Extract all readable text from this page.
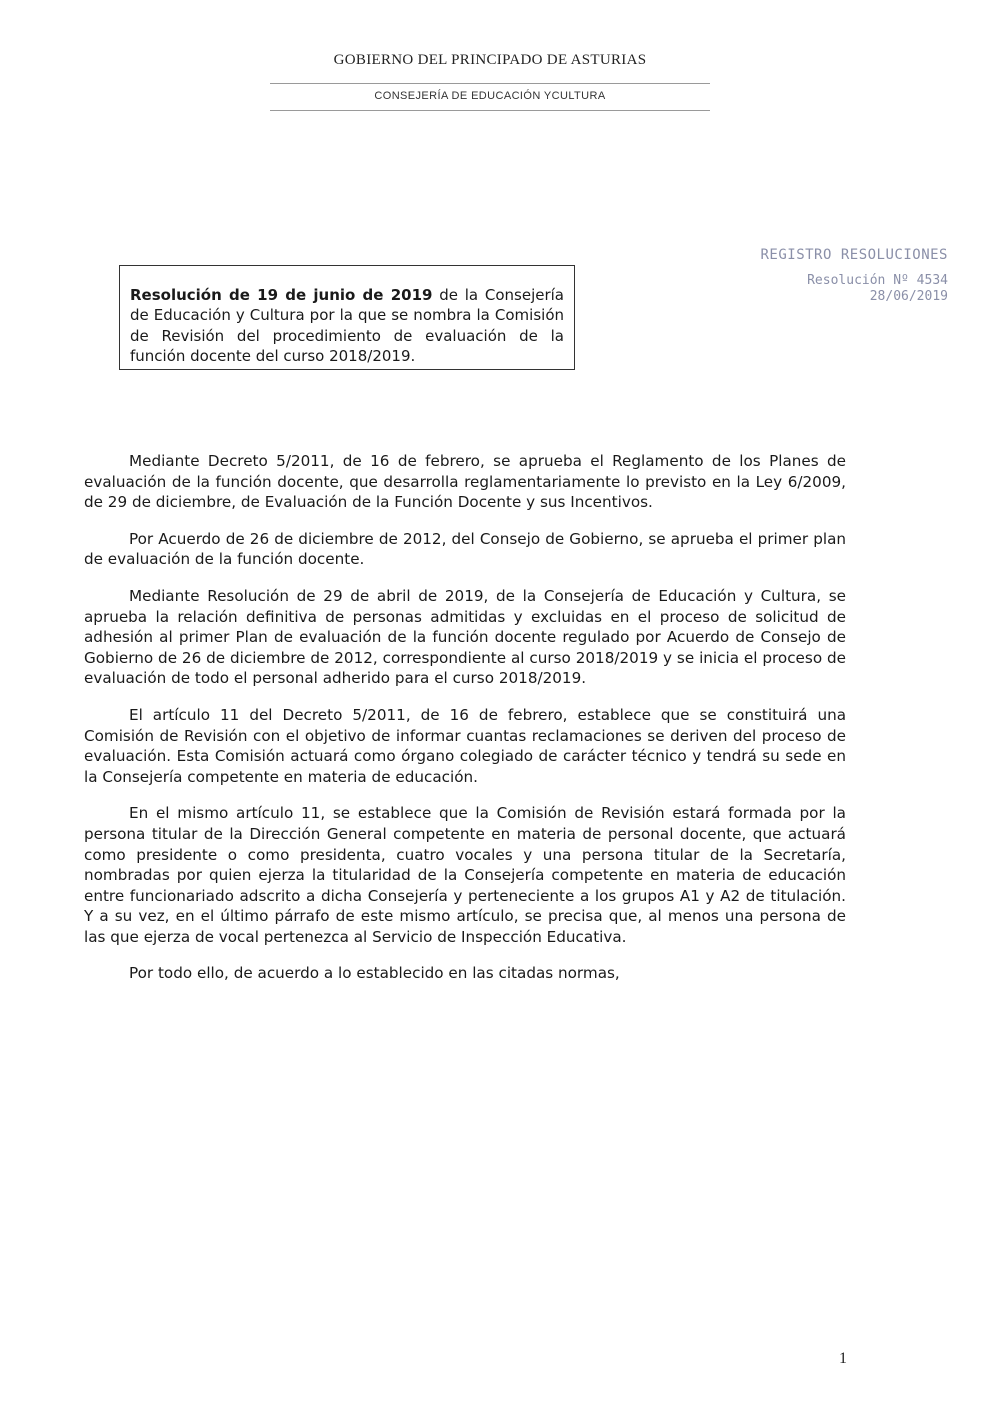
GOBIERNO DEL PRINCIPADO DE ASTURIAS

CONSEJERÍA DE EDUCACIÓN YCULTURA

REGISTRO RESOLUCIONES
Resolución Nº 4534
28/06/2019
Resolución de 19 de junio de 2019 de la Consejería de Educación y Cultura por la que se nombra la Comisión de Revisión del procedimiento de evaluación de la función docente del curso 2018/2019.

Mediante Decreto 5/2011, de 16 de febrero, se aprueba el Reglamento de los Planes de evaluación de la función docente, que desarrolla reglamentariamente lo previsto en la Ley 6/2009, de 29 de diciembre, de Evaluación de la Función Docente y sus Incentivos.

Por Acuerdo de 26 de diciembre de 2012, del Consejo de Gobierno, se aprueba el primer plan de evaluación de la función docente.

Mediante Resolución de 29 de abril de 2019, de la Consejería de Educación y Cultura, se aprueba la relación definitiva de personas admitidas y excluidas en el proceso de solicitud de adhesión al primer Plan de evaluación de la función docente regulado por Acuerdo de Consejo de Gobierno de 26 de diciembre de 2012, correspondiente al curso 2018/2019 y se inicia el proceso de evaluación de todo el personal adherido para el curso 2018/2019.

El artículo 11 del Decreto 5/2011, de 16 de febrero, establece que se constituirá una Comisión de Revisión con el objetivo de informar cuantas reclamaciones se deriven del proceso de evaluación. Esta Comisión actuará como órgano colegiado de carácter técnico y tendrá su sede en la Consejería competente en materia de educación.

En el mismo artículo 11, se establece que la Comisión de Revisión estará formada por la persona titular de la Dirección General competente en materia de personal docente, que actuará como presidente o como presidenta, cuatro vocales y una persona titular de la Secretaría, nombradas por quien ejerza la titularidad de la Consejería competente en materia de educación entre funcionariado adscrito a dicha Consejería y perteneciente a los grupos A1 y A2 de titulación. Y a su vez, en el último párrafo de este mismo artículo, se precisa que, al menos una persona de las que ejerza de vocal pertenezca al Servicio de Inspección Educativa.

Por todo ello, de acuerdo a lo establecido en las citadas normas,

1
